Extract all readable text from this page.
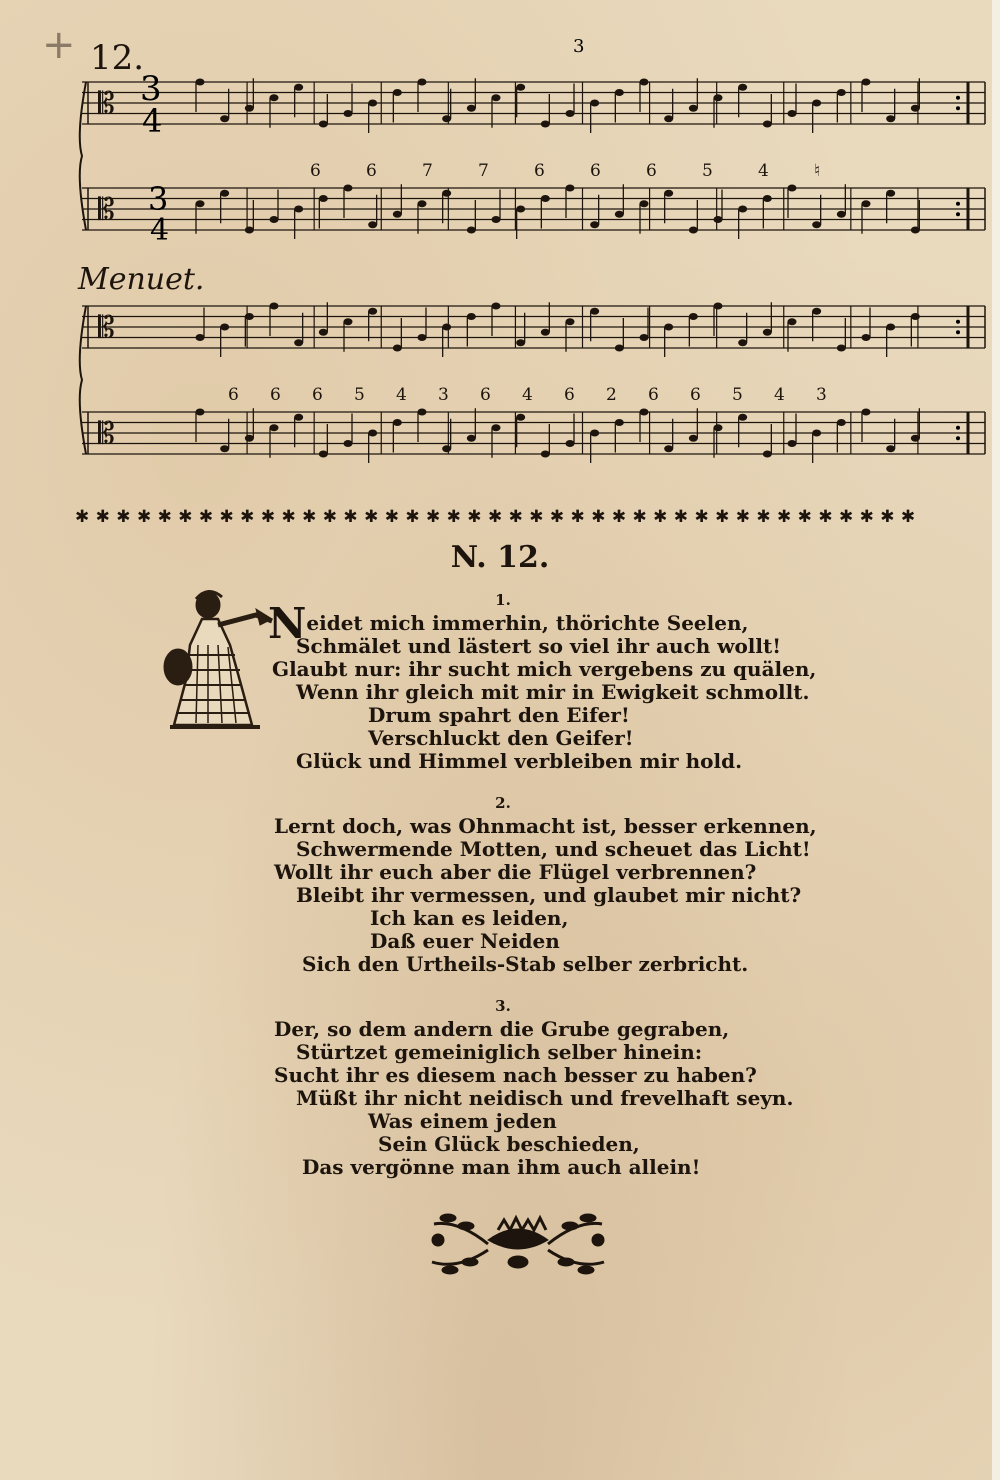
+ 12.
𝄡
𝄡
𝄡
𝄡
6	6	7	7	6	6	6	5	4	♮
6 6 6 5 4 3 6 4 6 2 6 6 5 4 3
3
4
3
4
3
Menuet.
✱ ✱ ✱ ✱ ✱ ✱ ✱ ✱ ✱ ✱ ✱ ✱ ✱ ✱ ✱ ✱ ✱ ✱ ✱ ✱ ✱ ✱ ✱ ✱ ✱ ✱ ✱ ✱ ✱ ✱ ✱ ✱ ✱ ✱ ✱ ✱ ✱ ✱ ✱ ✱ ✱
N. 12.
1.
Neidet mich immerhin, thörichte Seelen,
Schmälet und lästert so viel ihr auch wollt!
Glaubt nur: ihr sucht mich vergebens zu quälen,
Wenn ihr gleich mit mir in Ewigkeit schmollt.
Drum spahrt den Eifer!
Verschluckt den Geifer!
Glück und Himmel verbleiben mir hold.
2.
Lernt doch, was Ohnmacht ist, besser erkennen,
Schwermende Motten, und scheuet das Licht!
Wollt ihr euch aber die Flügel verbrennen?
Bleibt ihr vermessen, und glaubet mir nicht?
Ich kan es leiden,
Daß euer Neiden
Sich den Urtheils-Stab selber zerbricht.
3.
Der, so dem andern die Grube gegraben,
Stürtzet gemeiniglich selber hinein:
Sucht ihr es diesem nach besser zu haben?
Müßt ihr nicht neidisch und frevelhaft seyn.
Was einem jeden
Sein Glück beschieden,
Das vergönne man ihm auch allein!
